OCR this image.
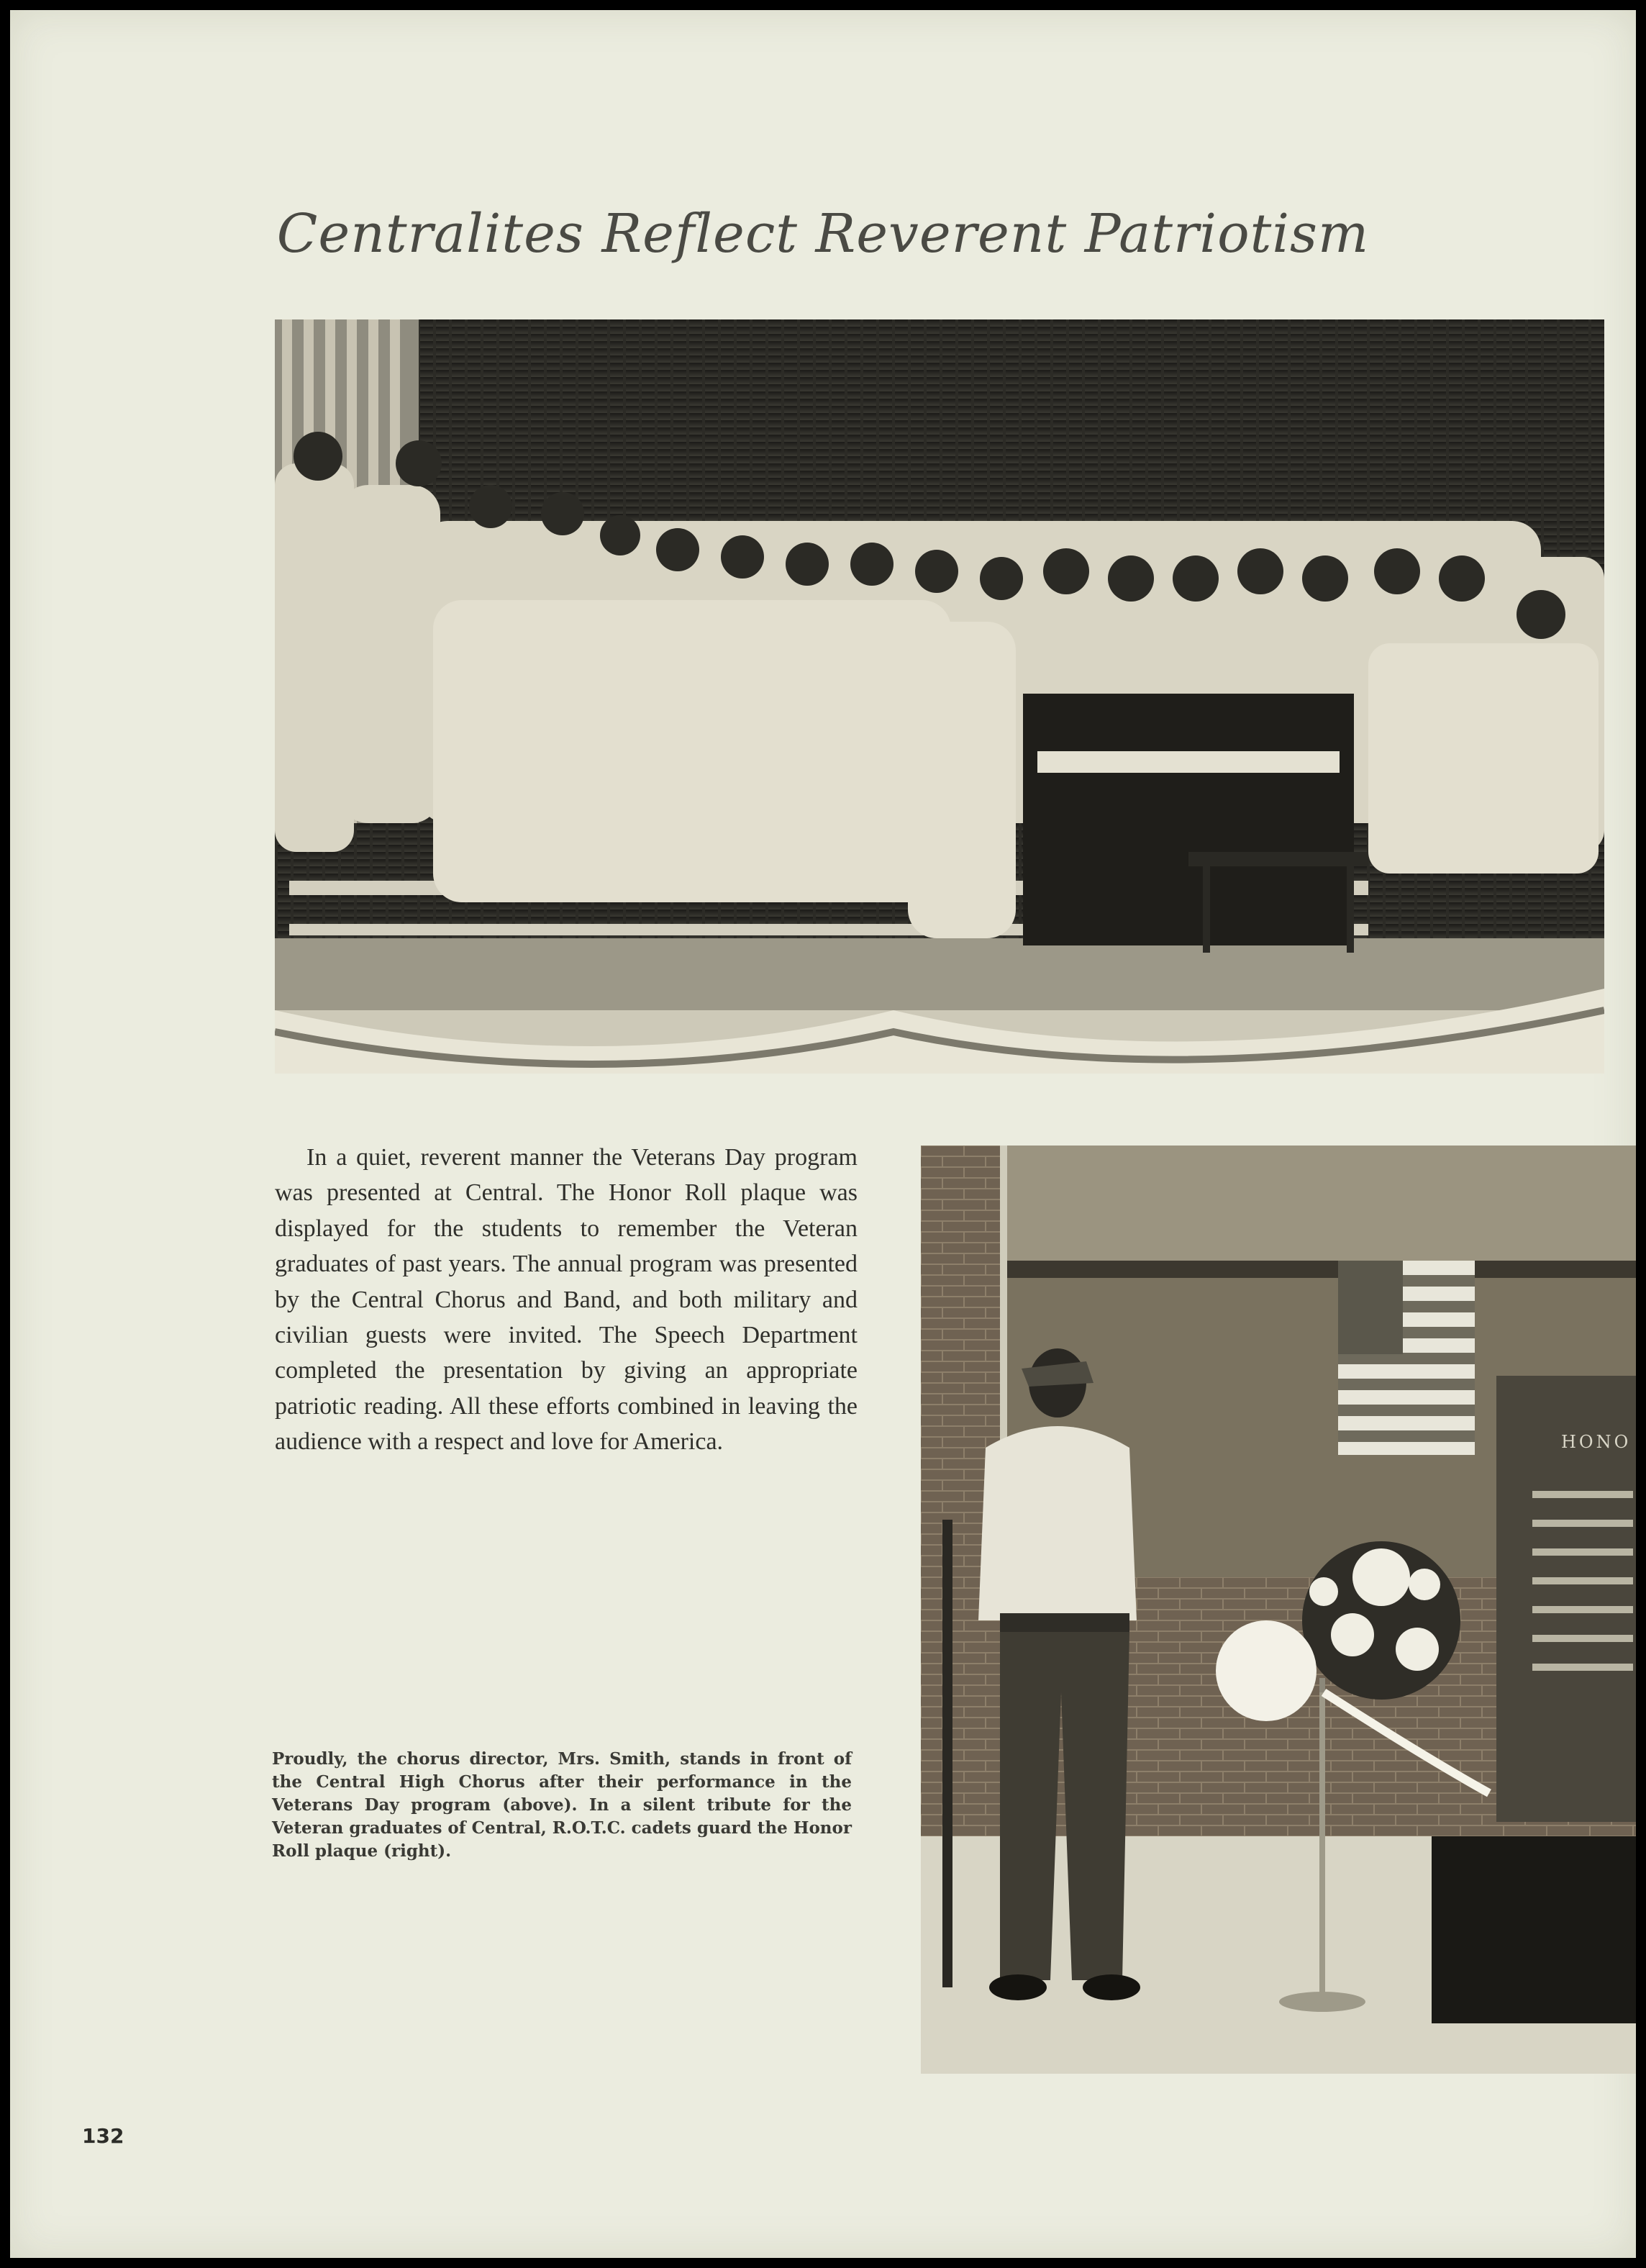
Centralites Reflect Reverent Patriotism
In a quiet, reverent manner the Veterans Day program was presented at Central. The Honor Roll plaque was displayed for the students to remember the Veteran graduates of past years. The annual program was presented by the Central Chorus and Band, and both military and civilian guests were invited. The Speech Department completed the presentation by giving an appropriate patriotic reading. All these efforts combined in leaving the audience with a respect and love for America.
Proudly, the chorus director, Mrs. Smith, stands in front of the Central High Chorus after their performance in the Veterans Day program (above). In a silent tribute for the Veteran graduates of Central, R.O.T.C. cadets guard the Honor Roll plaque (right).
HONO
132
